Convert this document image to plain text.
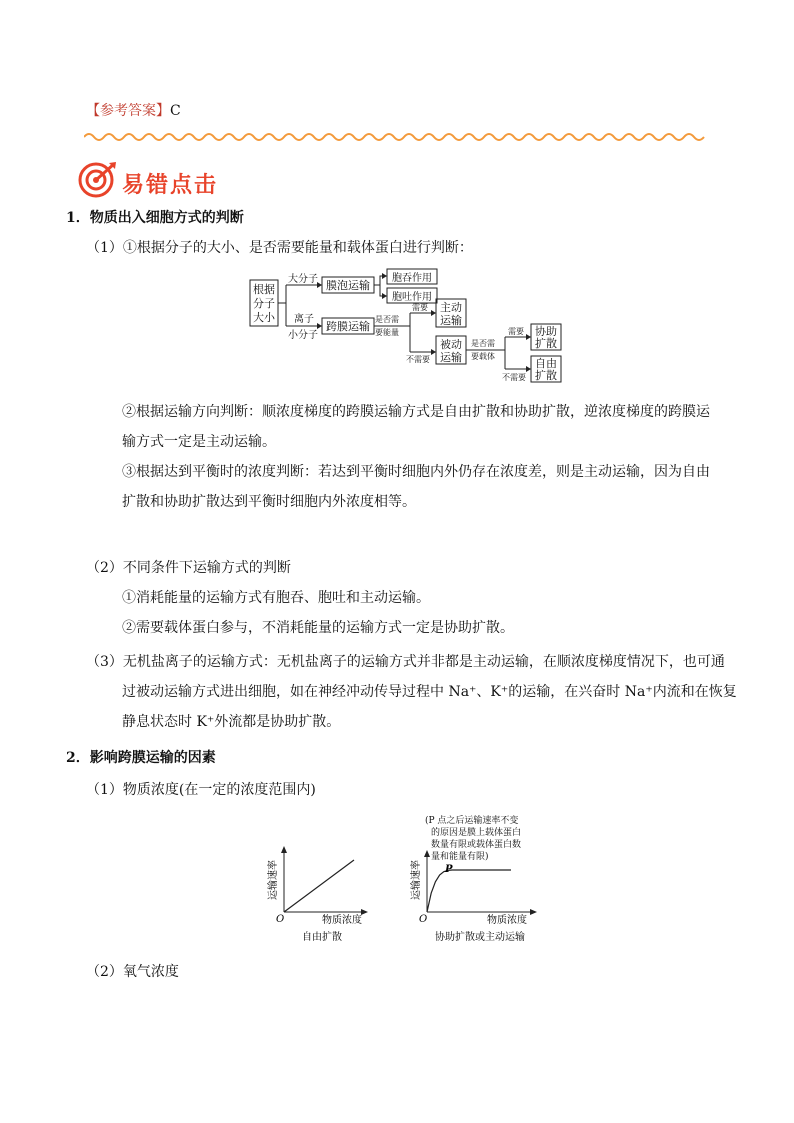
【参考答案】C
易错点击
1．物质出入细胞方式的判断
（1）①根据分子的大小、是否需要能量和载体蛋白进行判断：
根据
分子
大小
大分子
离子
小分子
膜泡运输
胞吞作用
胞吐作用
跨膜运输
是否需
要能量
需要
不需要
主动
运输
被动
运输
是否需
要载体
需要
不需要
协助
扩散
自由
扩散
②根据运输方向判断：顺浓度梯度的跨膜运输方式是自由扩散和协助扩散，逆浓度梯度的跨膜运
输方式一定是主动运输。
③根据达到平衡时的浓度判断：若达到平衡时细胞内外仍存在浓度差，则是主动运输，因为自由
扩散和协助扩散达到平衡时细胞内外浓度相等。
（2）不同条件下运输方式的判断
①消耗能量的运输方式有胞吞、胞吐和主动运输。
②需要载体蛋白参与，不消耗能量的运输方式一定是协助扩散。
（3）无机盐离子的运输方式：无机盐离子的运输方式并非都是主动运输，在顺浓度梯度情况下，也可通
过被动运输方式进出细胞，如在神经冲动传导过程中 Na⁺、K⁺的运输，在兴奋时 Na⁺内流和在恢复
静息状态时 K⁺外流都是协助扩散。
2．影响跨膜运输的因素
（1）物质浓度(在一定的浓度范围内)
O	物质浓度
运输速率
自由扩散
(P 点之后运输速率不变
的原因是膜上载体蛋白
数量有限或载体蛋白数
量和能量有限)
P
O	物质浓度
运输速率
协助扩散或主动运输
（2）氧气浓度
